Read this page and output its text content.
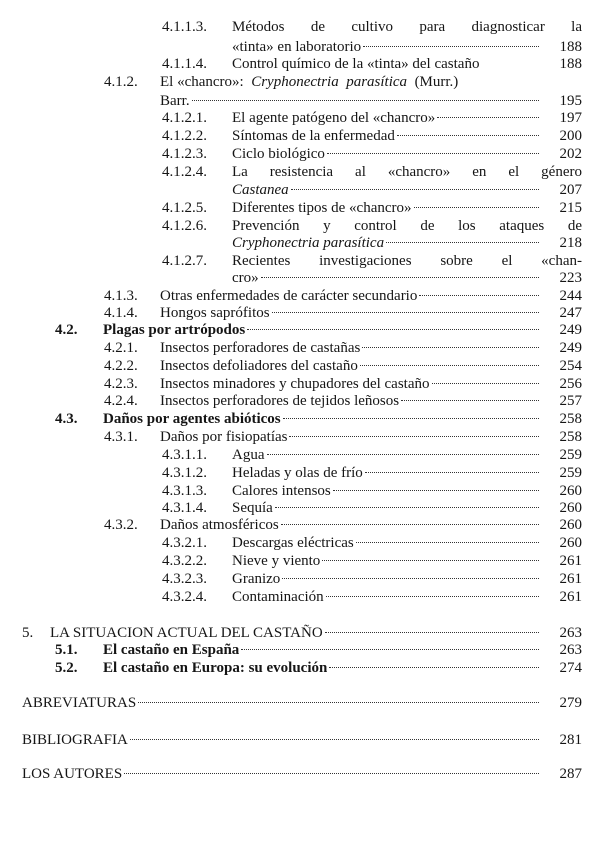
4.1.1.3. Métodos de cultivo para diagnosticar la
«tinta» en laboratorio	188
4.1.1.4. Control químico de la «tinta» del castaño	188
4.1.2. El «chancro»:  Cryphonectria parasítica  (Murr.)
Barr.	195
4.1.2.1. El agente patógeno del «chancro»	197
4.1.2.2. Síntomas de la enfermedad	200
4.1.2.3. Ciclo biológico	202
4.1.2.4. La resistencia al «chancro» en el género
Castanea	207
4.1.2.5. Diferentes tipos de «chancro»	215
4.1.2.6. Prevención y control de los ataques de
Cryphonectria parasítica	218
4.1.2.7. Recientes investigaciones sobre el «chan-
cro»	223
4.1.3. Otras enfermedades de carácter secundario	244
4.1.4. Hongos saprófitos	247
4.2. Plagas por artrópodos	249
4.2.1. Insectos perforadores de castañas	249
4.2.2. Insectos defoliadores del castaño	254
4.2.3. Insectos minadores y chupadores del castaño	256
4.2.4. Insectos perforadores de tejidos leñosos	257
4.3. Daños por agentes abióticos	258
4.3.1. Daños por fisiopatías	258
4.3.1.1. Agua	259
4.3.1.2. Heladas y olas de frío	259
4.3.1.3. Calores intensos	260
4.3.1.4. Sequía	260
4.3.2. Daños atmosféricos	260
4.3.2.1. Descargas eléctricas	260
4.3.2.2. Nieve y viento	261
4.3.2.3. Granizo	261
4.3.2.4. Contaminación	261
5. LA SITUACION ACTUAL DEL CASTAÑO	263
5.1. El castaño en España	263
5.2. El castaño en Europa: su evolución	274
ABREVIATURAS	279
BIBLIOGRAFIA	281
LOS AUTORES	287
